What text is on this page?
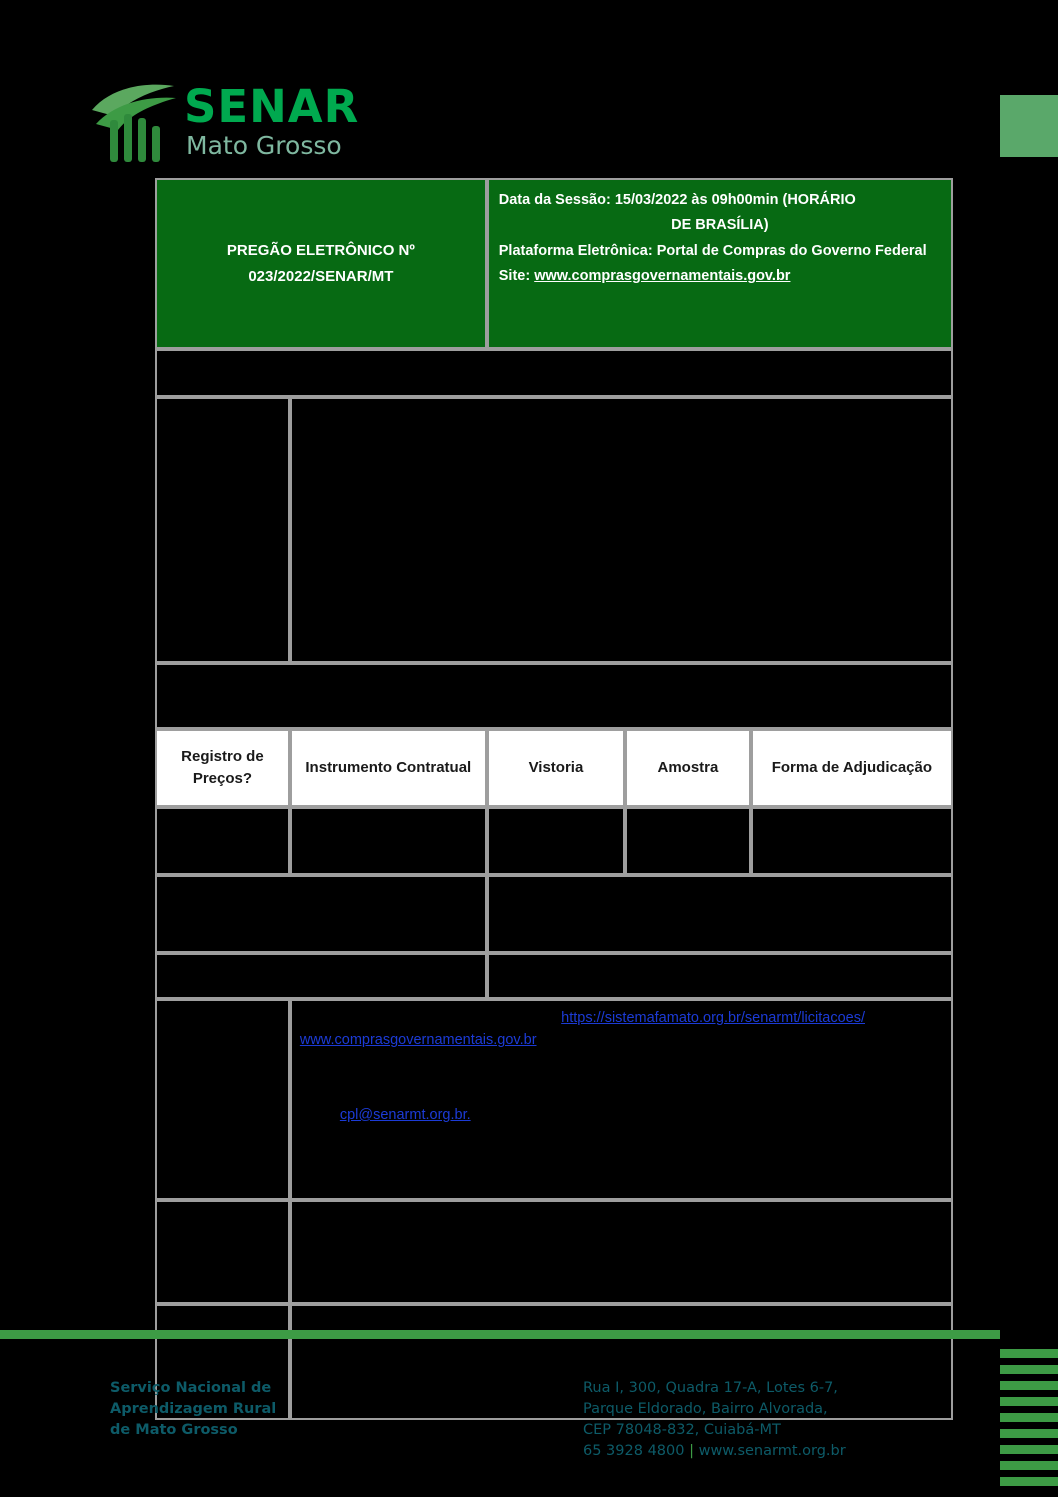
SENAR
Mato Grosso
PREGÃO ELETRÔNICO Nº
023/2022/SENAR/MT

Data da Sessão: 15/03/2022 às 09h00min (HORÁRIO
DE BRASÍLIA)
Plataforma Eletrônica: Portal de Compras do Governo Federal
Site: www.comprasgovernamentais.gov.br

Registro de Preços?	Instrumento Contratual	Vistoria	Amostra	Forma de Adjudicação

	https://sistemafamato.org.br/senarmt/licitacoes/
www.comprasgovernamentais.gov.br
cpl@senarmt.org.br.			

Serviço Nacional de
Aprendizagem Rural
de Mato Grosso
Rua I, 300, Quadra 17-A, Lotes 6-7,
Parque Eldorado, Bairro Alvorada,
CEP 78048-832, Cuiabá-MT
65 3928 4800 | www.senarmt.org.br
